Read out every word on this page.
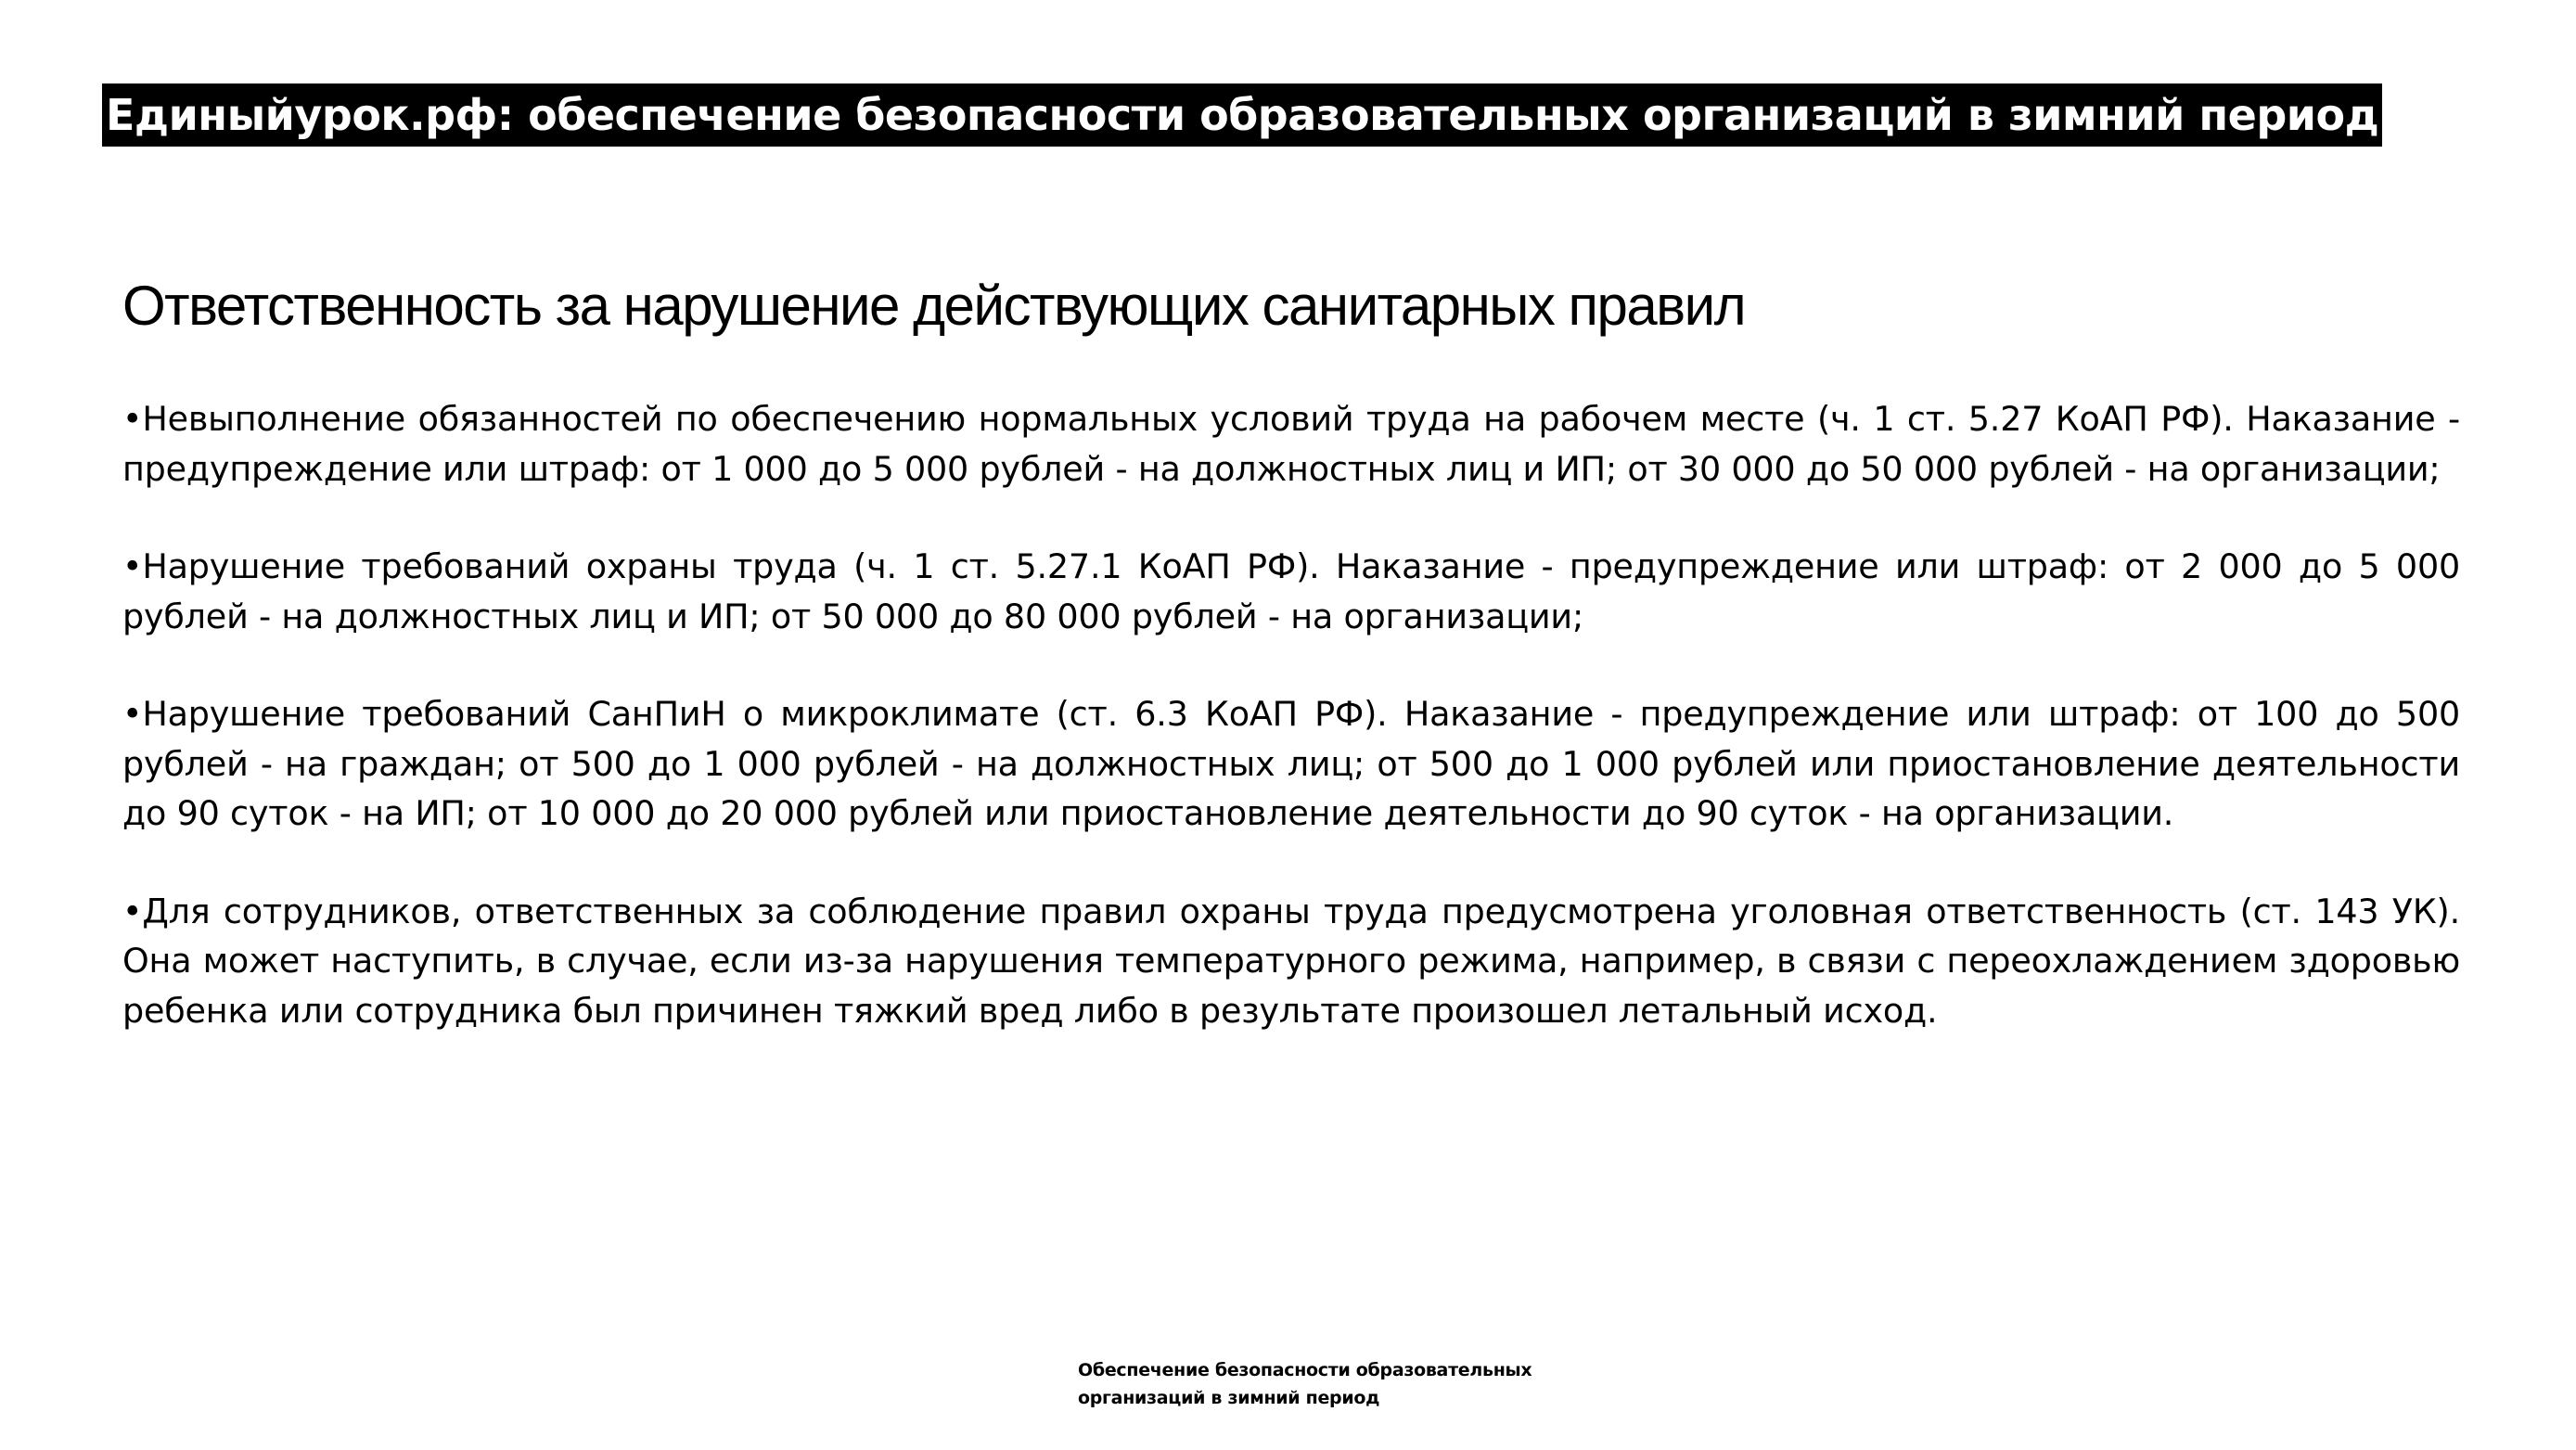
Единыйурок.рф: обеспечение безопасности образовательных организаций в зимний период
Ответственность за нарушение действующих санитарных правил

•Невыполнение обязанностей по обеспечению нормальных условий труда на рабочем месте (ч. 1 ст. 5.27 КоАП РФ). Наказание - предупреждение или штраф: от 1 000 до 5 000 рублей - на должностных лиц и ИП; от 30 000 до 50 000 рублей - на организации;

•Нарушение требований охраны труда (ч. 1 ст. 5.27.1 КоАП РФ). Наказание - предупреждение или штраф: от 2 000 до 5 000 рублей - на должностных лиц и ИП; от 50 000 до 80 000 рублей - на организации;

•Нарушение требований СанПиН о микроклимате (ст. 6.3 КоАП РФ). Наказание - предупреждение или штраф: от 100 до 500 рублей - на граждан; от 500 до 1 000 рублей - на должностных лиц; от 500 до 1 000 рублей или приостановление деятельности до 90 суток - на ИП; от 10 000 до 20 000 рублей или приостановление деятельности до 90 суток - на организации.

•Для сотрудников, ответственных за соблюдение правил охраны труда предусмотрена уголовная ответственность (ст. 143 УК). Она может наступить, в случае, если из-за нарушения температурного режима, например, в связи с переохлаждением здоровью ребенка или сотрудника был причинен тяжкий вред либо в результате произошел летальный исход.

Обеспечение безопасности образовательных
организаций в зимний период
